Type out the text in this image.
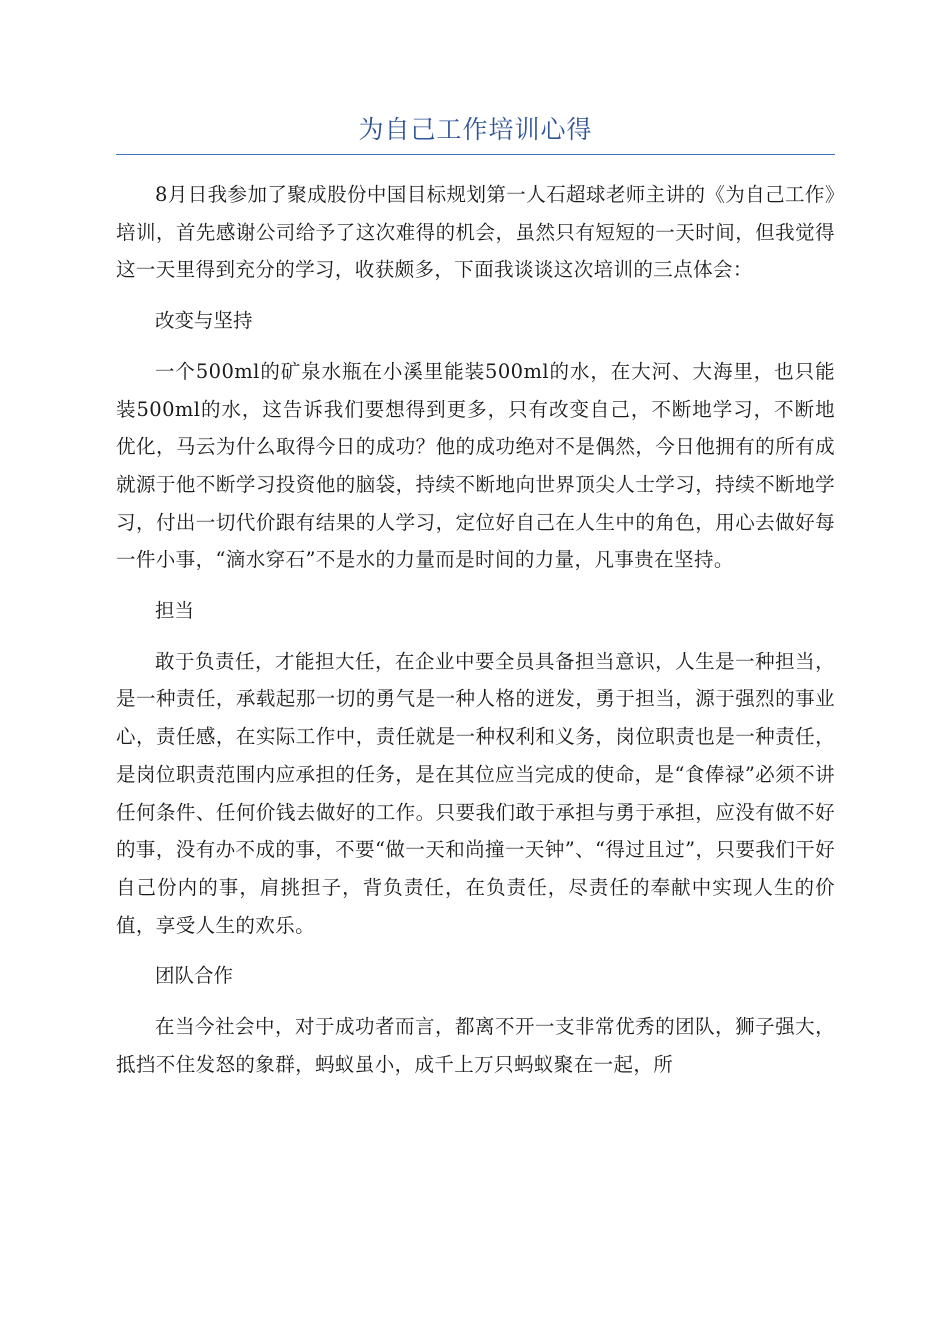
为自己工作培训心得

8月日我参加了聚成股份中国目标规划第一人石超球老师主讲的《为自己工作》培训，首先感谢公司给予了这次难得的机会，虽然只有短短的一天时间，但我觉得这一天里得到充分的学习，收获颇多，下面我谈谈这次培训的三点体会：

改变与坚持

一个500ml的矿泉水瓶在小溪里能装500ml的水，在大河、大海里，也只能装500ml的水，这告诉我们要想得到更多，只有改变自己，不断地学习，不断地优化，马云为什么取得今日的成功？他的成功绝对不是偶然，今日他拥有的所有成就源于他不断学习投资他的脑袋，持续不断地向世界顶尖人士学习，持续不断地学习，付出一切代价跟有结果的人学习，定位好自己在人生中的角色，用心去做好每一件小事，“滴水穿石”不是水的力量而是时间的力量，凡事贵在坚持。

担当

敢于负责任，才能担大任，在企业中要全员具备担当意识，人生是一种担当，是一种责任，承载起那一切的勇气是一种人格的迸发，勇于担当，源于强烈的事业心，责任感，在实际工作中，责任就是一种权利和义务，岗位职责也是一种责任，是岗位职责范围内应承担的任务，是在其位应当完成的使命，是“食俸禄”必须不讲任何条件、任何价钱去做好的工作。只要我们敢于承担与勇于承担，应没有做不好的事，没有办不成的事，不要“做一天和尚撞一天钟”、“得过且过”，只要我们干好自己份内的事，肩挑担子，背负责任，在负责任，尽责任的奉献中实现人生的价值，享受人生的欢乐。

团队合作

在当今社会中，对于成功者而言，都离不开一支非常优秀的团队，狮子强大，抵挡不住发怒的象群，蚂蚁虽小，成千上万只蚂蚁聚在一起，所
